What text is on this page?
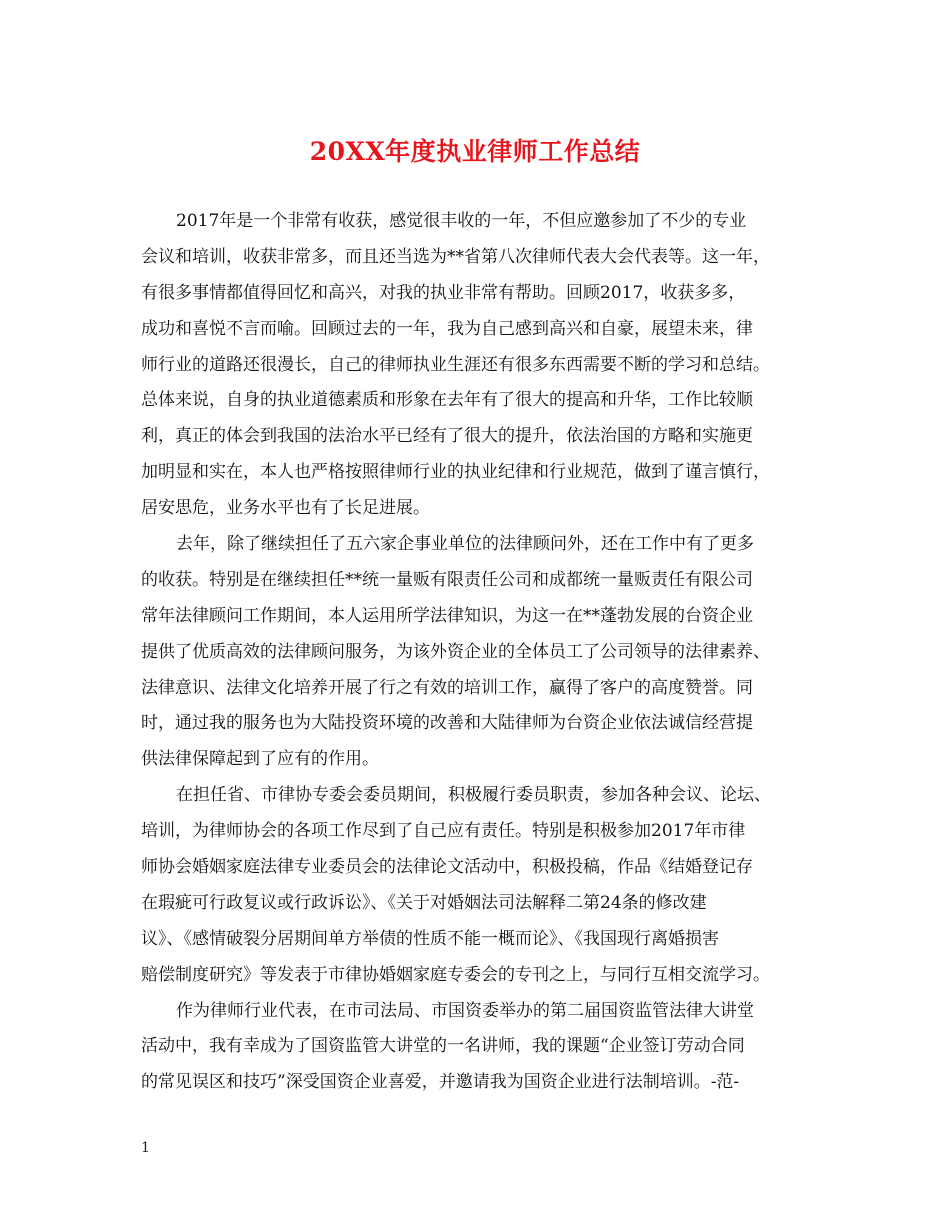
20XX年度执业律师工作总结
2017年是一个非常有收获，感觉很丰收的一年，不但应邀参加了不少的专业
会议和培训，收获非常多，而且还当选为**省第八次律师代表大会代表等。这一年，
有很多事情都值得回忆和高兴，对我的执业非常有帮助。回顾2017，收获多多，
成功和喜悦不言而喻。回顾过去的一年，我为自己感到高兴和自豪，展望未来，律
师行业的道路还很漫长，自己的律师执业生涯还有很多东西需要不断的学习和总结。
总体来说，自身的执业道德素质和形象在去年有了很大的提高和升华，工作比较顺
利，真正的体会到我国的法治水平已经有了很大的提升，依法治国的方略和实施更
加明显和实在，本人也严格按照律师行业的执业纪律和行业规范，做到了谨言慎行，
居安思危，业务水平也有了长足进展。
去年，除了继续担任了五六家企事业单位的法律顾问外，还在工作中有了更多
的收获。特别是在继续担任**统一量贩有限责任公司和成都统一量贩责任有限公司
常年法律顾问工作期间，本人运用所学法律知识，为这一在**蓬勃发展的台资企业
提供了优质高效的法律顾问服务，为该外资企业的全体员工了公司领导的法律素养、
法律意识、法律文化培养开展了行之有效的培训工作，赢得了客户的高度赞誉。同
时，通过我的服务也为大陆投资环境的改善和大陆律师为台资企业依法诚信经营提
供法律保障起到了应有的作用。
在担任省、市律协专委会委员期间，积极履行委员职责，参加各种会议、论坛、
培训，为律师协会的各项工作尽到了自己应有责任。特别是积极参加2017年市律
师协会婚姻家庭法律专业委员会的法律论文活动中，积极投稿，作品《结婚登记存
在瑕疵可行政复议或行政诉讼》、《关于对婚姻法司法解释二第24条的修改建
议》、《感情破裂分居期间单方举债的性质不能一概而论》、《我国现行离婚损害
赔偿制度研究》等发表于市律协婚姻家庭专委会的专刊之上，与同行互相交流学习。
作为律师行业代表，在市司法局、市国资委举办的第二届国资监管法律大讲堂
活动中，我有幸成为了国资监管大讲堂的一名讲师，我的课题“企业签订劳动合同
的常见误区和技巧”深受国资企业喜爱，并邀请我为国资企业进行法制培训。-范-
1
